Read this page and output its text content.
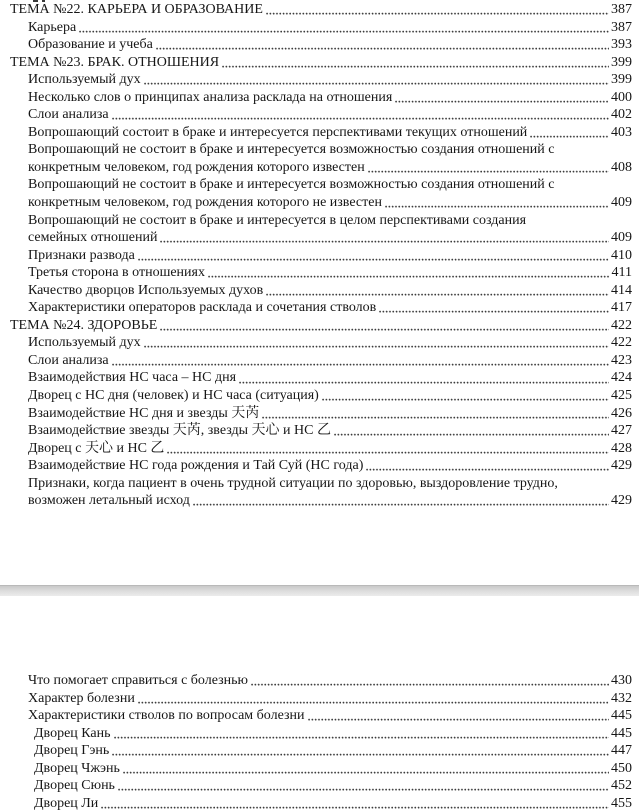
ТЕМА №22. КАРЬЕРА И ОБРАЗОВАНИЕ	387
Карьера	387
Образование и учеба	393
ТЕМА №23. БРАК. ОТНОШЕНИЯ	399
Используемый дух	399
Несколько слов о принципах анализа расклада на отношения	400
Слои анализа	402
Вопрошающий состоит в браке и интересуется перспективами текущих отношений	403
Вопрошающий не состоит в браке и интересуется возможностью создания отношений с
конкретным человеком, год рождения которого известен	408
Вопрошающий не состоит в браке и интересуется возможностью создания отношений с
конкретным человеком, год рождения которого не известен	409
Вопрошающий не состоит в браке и интересуется в целом перспективами создания
семейных отношений	409
Признаки развода	410
Третья сторона в отношениях	411
Качество дворцов Используемых духов	414
Характеристики операторов расклада и сочетания стволов	417
ТЕМА №24. ЗДОРОВЬЕ	422
Используемый дух	422
Слои анализа	423
Взаимодействия НС часа – НС дня	424
Дворец с НС дня (человек) и НС часа (ситуация)	425
Взаимодействие НС дня и звезды 天芮	426
Взаимодействие звезды 天芮, звезды 天心 и НС 乙	427
Дворец с 天心 и НС 乙	428
Взаимодействие НС года рождения и Тай Суй (НС года)	429
Признаки, когда пациент в очень трудной ситуации по здоровью, выздоровление трудно,
возможен летальный исход	429
Что помогает справиться с болезнью	430
Характер болезни	432
Характеристики стволов по вопросам болезни	445
Дворец Кань	445
Дворец Гэнь	447
Дворец Чжэнь	450
Дворец Сюнь	452
Дворец Ли	455
